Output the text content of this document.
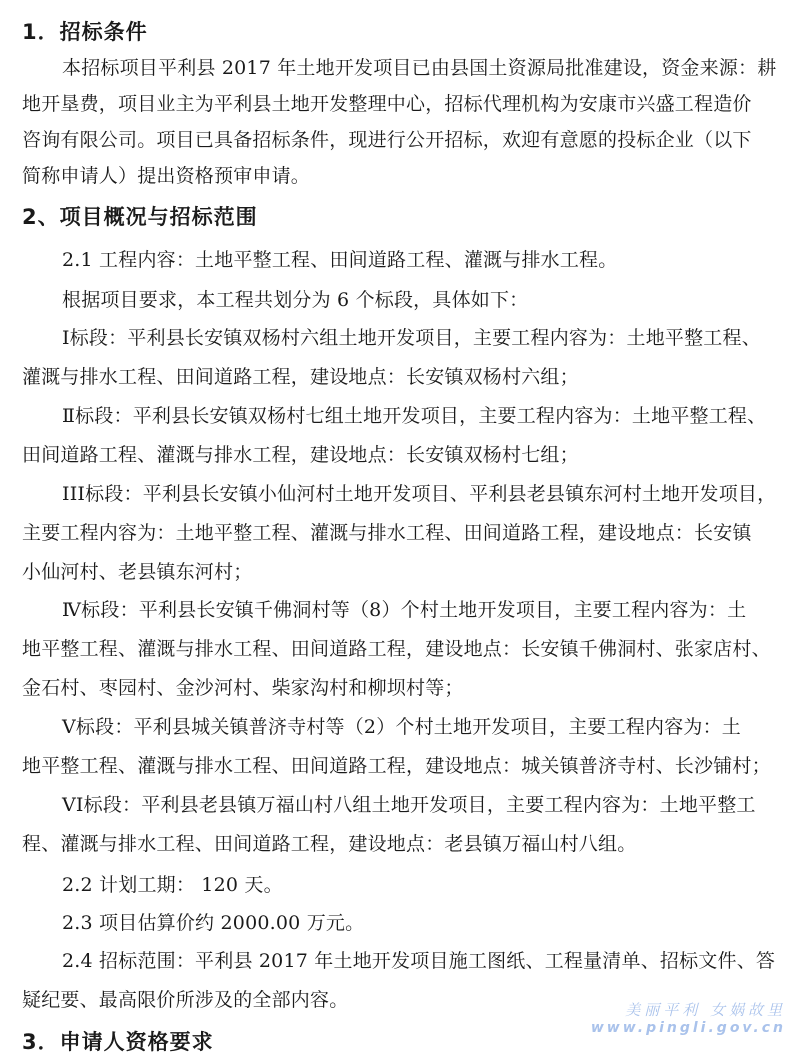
1．招标条件
本招标项目平利县 2017 年土地开发项目已由县国土资源局批准建设，资金来源：耕
地开垦费，项目业主为平利县土地开发整理中心，招标代理机构为安康市兴盛工程造价
咨询有限公司。项目已具备招标条件，现进行公开招标，欢迎有意愿的投标企业（以下
简称申请人）提出资格预审申请。
2、项目概况与招标范围
2.1 工程内容：土地平整工程、田间道路工程、灌溉与排水工程。
根据项目要求，本工程共划分为 6 个标段，具体如下：
Ⅰ标段：平利县长安镇双杨村六组土地开发项目，主要工程内容为：土地平整工程、
灌溉与排水工程、田间道路工程，建设地点：长安镇双杨村六组；
Ⅱ标段：平利县长安镇双杨村七组土地开发项目，主要工程内容为：土地平整工程、
田间道路工程、灌溉与排水工程，建设地点：长安镇双杨村七组；
III标段：平利县长安镇小仙河村土地开发项目、平利县老县镇东河村土地开发项目，
主要工程内容为：土地平整工程、灌溉与排水工程、田间道路工程，建设地点：长安镇
小仙河村、老县镇东河村；
Ⅳ标段：平利县长安镇千佛洞村等（8）个村土地开发项目，主要工程内容为：土
地平整工程、灌溉与排水工程、田间道路工程，建设地点：长安镇千佛洞村、张家店村、
金石村、枣园村、金沙河村、柴家沟村和柳坝村等；
Ⅴ标段：平利县城关镇普济寺村等（2）个村土地开发项目，主要工程内容为：土
地平整工程、灌溉与排水工程、田间道路工程，建设地点：城关镇普济寺村、长沙铺村；
VI标段：平利县老县镇万福山村八组土地开发项目，主要工程内容为：土地平整工
程、灌溉与排水工程、田间道路工程，建设地点：老县镇万福山村八组。
2.2 计划工期： 120 天。
2.3 项目估算价约 2000.00 万元。
2.4 招标范围：平利县 2017 年土地开发项目施工图纸、工程量清单、招标文件、答
疑纪要、最高限价所涉及的全部内容。
3．申请人资格要求
美丽平利 女娲故里
www.pingli.gov.cn
